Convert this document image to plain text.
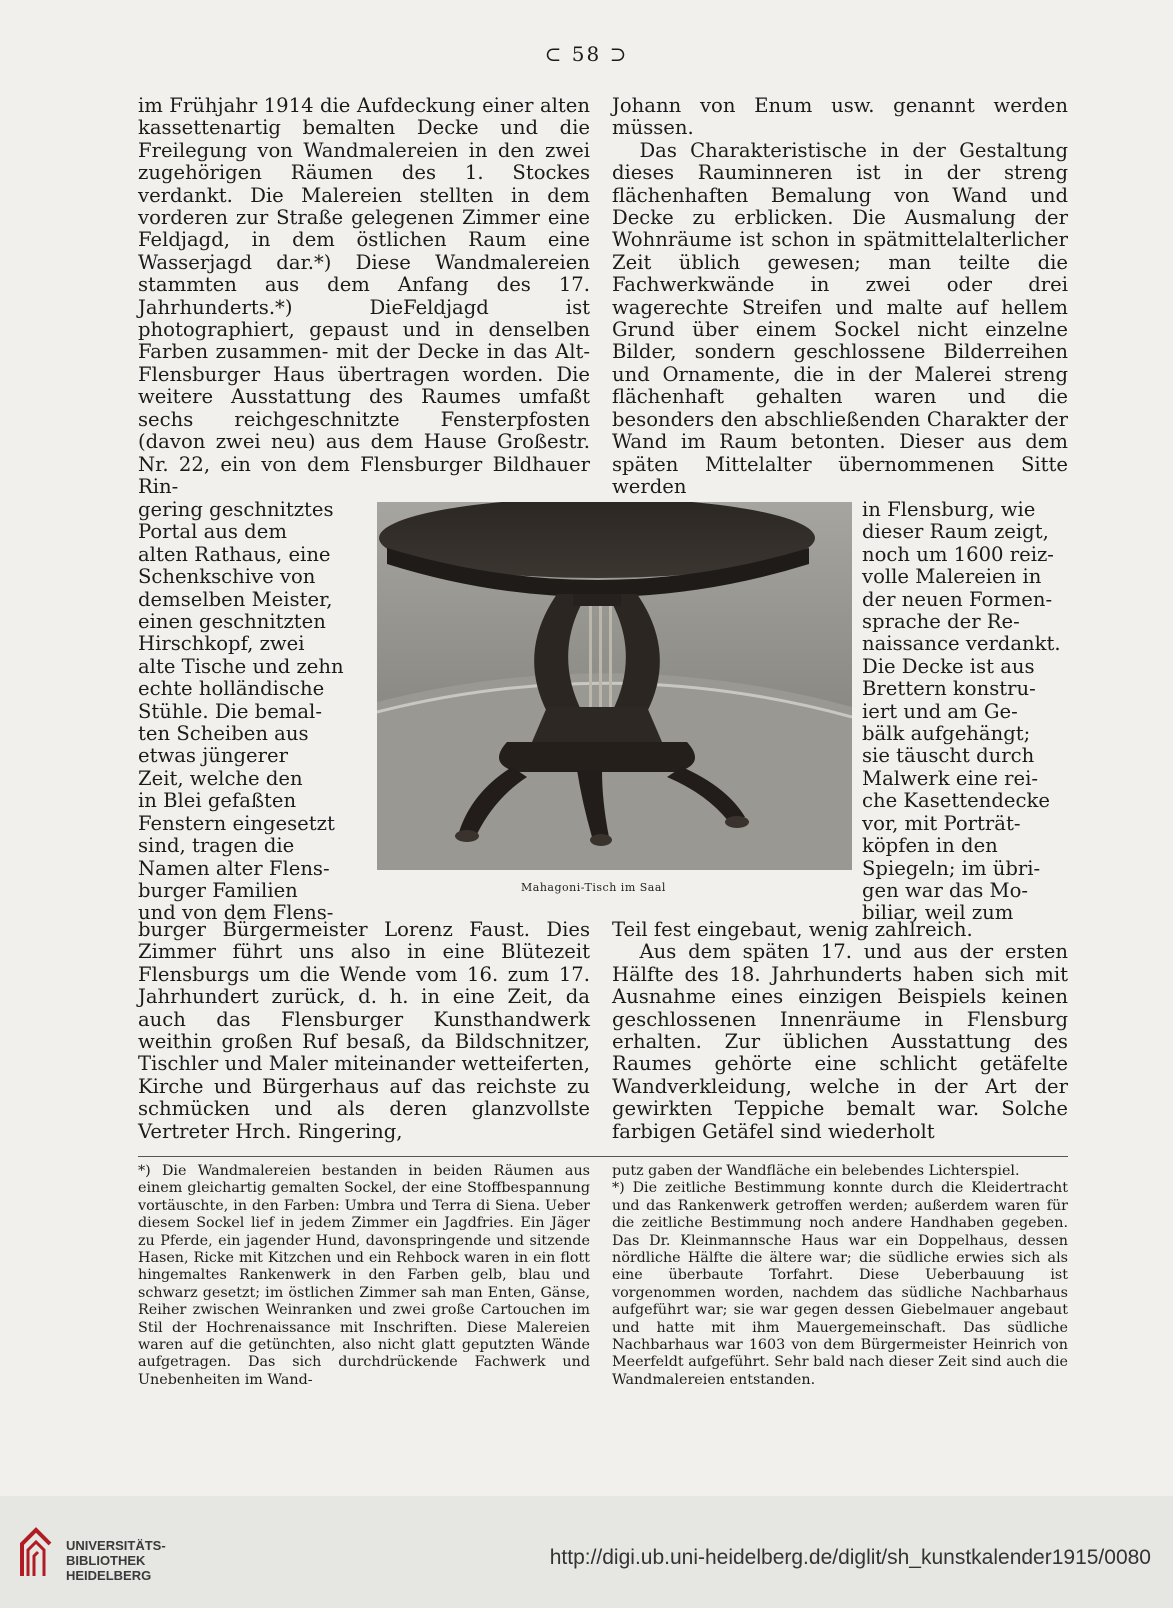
⊂ 58 ⊃

im Frühjahr 1914 die Aufdeckung einer alten kassettenartig bemalten Decke und die Freilegung von Wandmalereien in den zwei zugehörigen Räumen des 1. Stockes verdankt. Die Malereien stellten in dem vorderen zur Straße gelegenen Zimmer eine Feldjagd, in dem östlichen Raum eine Wasserjagd dar.*) Diese Wandmalereien stammten aus dem Anfang des 17. Jahrhunderts.*) DieFeldjagd ist photographiert, gepaust und in denselben Farben zusammen- mit der Decke in das Alt-Flensburger Haus übertragen worden. Die weitere Ausstattung des Raumes umfaßt sechs reichgeschnitzte Fensterpfosten (davon zwei neu) aus dem Hause Großestr. Nr. 22, ein von dem Flensburger Bildhauer Rin-

Johann von Enum usw. genannt werden müssen.

Das Charakteristische in der Gestaltung dieses Rauminneren ist in der streng flächenhaften Bemalung von Wand und Decke zu erblicken. Die Ausmalung der Wohnräume ist schon in spätmittelalterlicher Zeit üblich gewesen; man teilte die Fachwerkwände in zwei oder drei wagerechte Streifen und malte auf hellem Grund über einem Sockel nicht einzelne Bilder, sondern geschlossene Bilderreihen und Ornamente, die in der Malerei streng flächenhaft gehalten waren und die besonders den abschließenden Charakter der Wand im Raum betonten. Dieser aus dem späten Mittelalter übernommenen Sitte werden

gering geschnitztes
Portal aus dem
alten Rathaus, eine
Schenkschive von
demselben Meister,
einen geschnitzten
Hirschkopf, zwei
alte Tische und zehn
echte holländische
Stühle. Die bemal-
ten Scheiben aus
etwas jüngerer
Zeit, welche den
in Blei gefaßten
Fenstern eingesetzt
sind, tragen die
Namen alter Flens-
burger Familien
und von dem Flens-
Mahagoni-Tisch im Saal
in Flensburg, wie
dieser Raum zeigt,
noch um 1600 reiz-
volle Malereien in
der neuen Formen-
sprache der Re-
naissance verdankt.
Die Decke ist aus
Brettern konstru-
iert und am Ge-
bälk aufgehängt;
sie täuscht durch
Malwerk eine rei-
che Kasettendecke
vor, mit Porträt-
köpfen in den
Spiegeln; im übri-
gen war das Mo-
biliar, weil zum

burger Bürgermeister Lorenz Faust. Dies Zimmer führt uns also in eine Blütezeit Flensburgs um die Wende vom 16. zum 17. Jahrhundert zurück, d. h. in eine Zeit, da auch das Flensburger Kunsthandwerk weithin großen Ruf besaß, da Bildschnitzer, Tischler und Maler miteinander wetteiferten, Kirche und Bürgerhaus auf das reichste zu schmücken und als deren glanzvollste Vertreter Hrch. Ringering,

Teil fest eingebaut, wenig zahlreich.

Aus dem späten 17. und aus der ersten Hälfte des 18. Jahrhunderts haben sich mit Ausnahme eines einzigen Beispiels keinen geschlossenen Innenräume in Flensburg erhalten. Zur üblichen Ausstattung des Raumes gehörte eine schlicht getäfelte Wandverkleidung, welche in der Art der gewirkten Teppiche bemalt war. Solche farbigen Getäfel sind wiederholt

*) Die Wandmalereien bestanden in beiden Räumen aus einem gleichartig gemalten Sockel, der eine Stoffbespannung vortäuschte, in den Farben: Umbra und Terra di Siena. Ueber diesem Sockel lief in jedem Zimmer ein Jagdfries. Ein Jäger zu Pferde, ein jagender Hund, davonspringende und sitzende Hasen, Ricke mit Kitzchen und ein Rehbock waren in ein flott hingemaltes Rankenwerk in den Farben gelb, blau und schwarz gesetzt; im östlichen Zimmer sah man Enten, Gänse, Reiher zwischen Weinranken und zwei große Cartouchen im Stil der Hochrenaissance mit Inschriften. Diese Malereien waren auf die getünchten, also nicht glatt geputzten Wände aufgetragen. Das sich durchdrückende Fachwerk und Unebenheiten im Wand-

putz gaben der Wandfläche ein belebendes Lichterspiel.

*) Die zeitliche Bestimmung konnte durch die Kleidertracht und das Rankenwerk getroffen werden; außerdem waren für die zeitliche Bestimmung noch andere Handhaben gegeben. Das Dr. Kleinmannsche Haus war ein Doppelhaus, dessen nördliche Hälfte die ältere war; die südliche erwies sich als eine überbaute Torfahrt. Diese Ueberbauung ist vorgenommen worden, nachdem das südliche Nachbarhaus aufgeführt war; sie war gegen dessen Giebelmauer angebaut und hatte mit ihm Mauergemeinschaft. Das südliche Nachbarhaus war 1603 von dem Bürgermeister Heinrich von Meerfeldt aufgeführt. Sehr bald nach dieser Zeit sind auch die Wandmalereien entstanden.

UNIVERSITÄTS-
BIBLIOTHEK
HEIDELBERG
http://digi.ub.uni-heidelberg.de/diglit/sh_kunstkalender1915/0080
